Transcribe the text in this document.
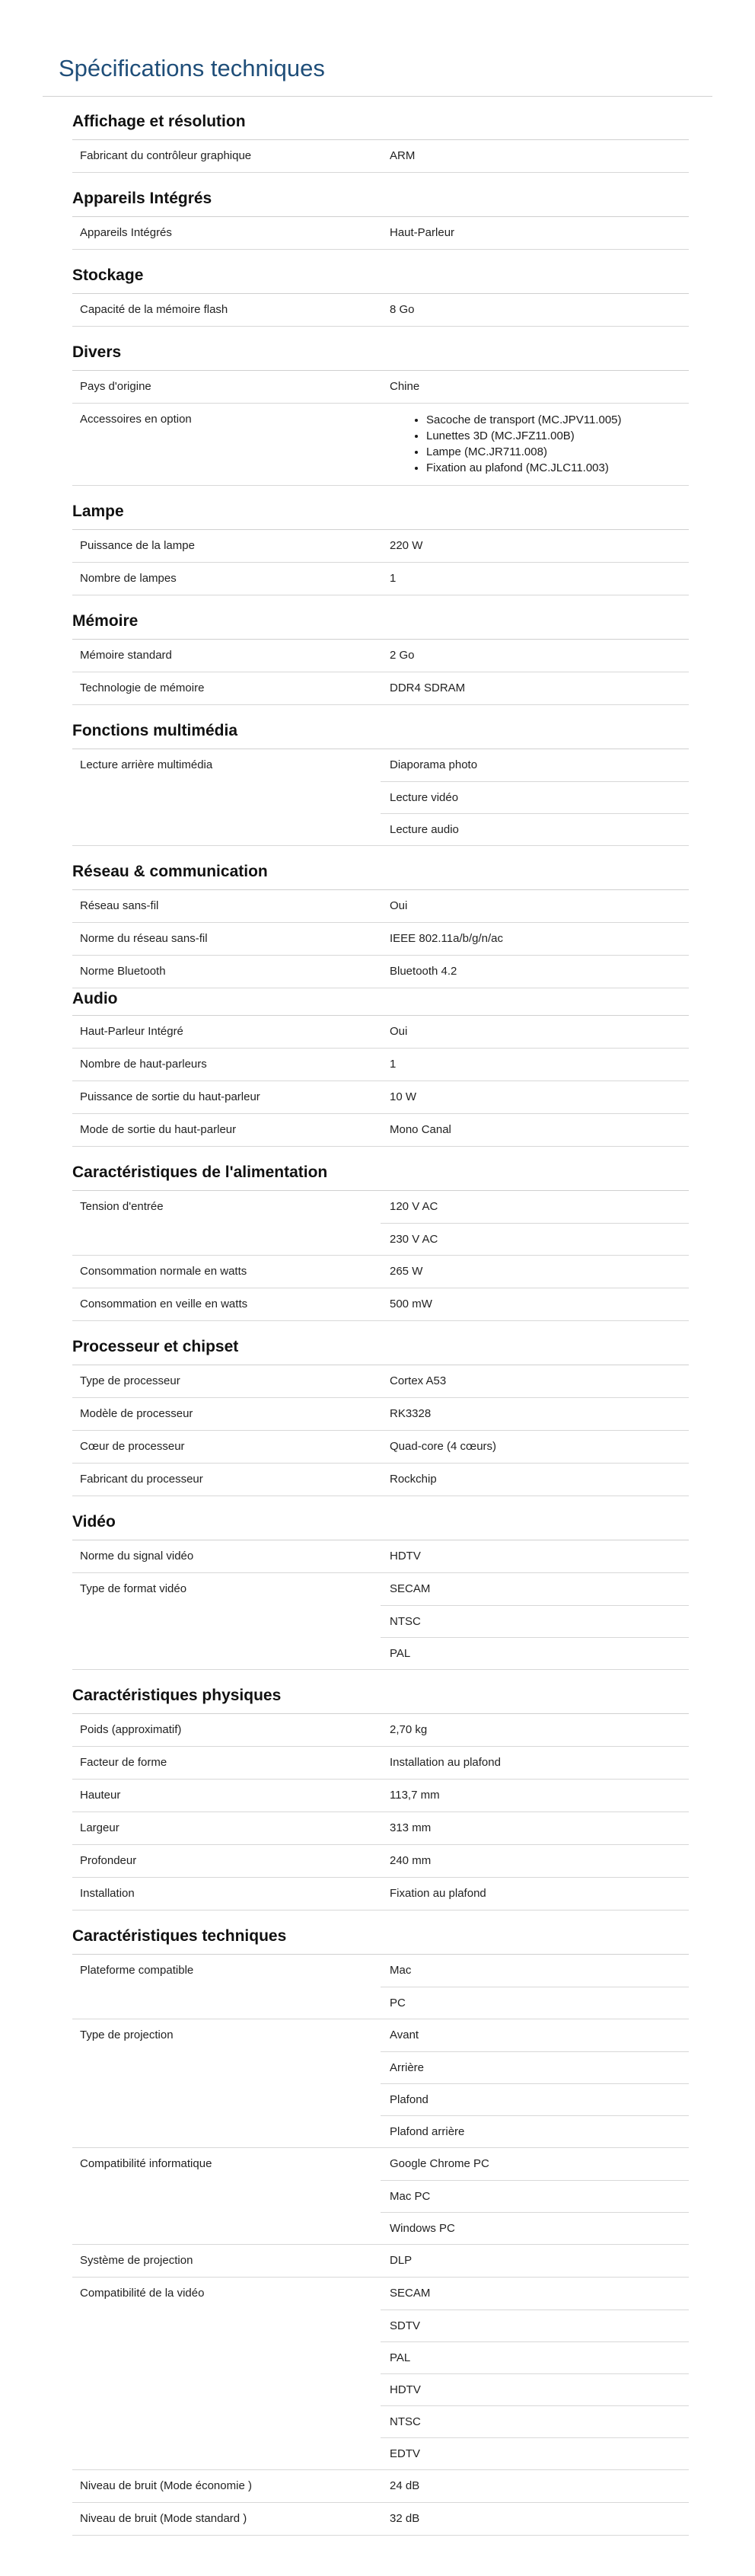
Spécifications techniques
Affichage et résolution
Fabricant du contrôleur graphique	ARM
Appareils Intégrés
Appareils Intégrés	Haut-Parleur
Stockage
Capacité de la mémoire flash	8 Go
Divers
Pays d'origine	Chine
Accessoires en option
•	Sacoche de transport (MC.JPV11.005)
• Lunettes 3D (MC.JFZ11.00B)
• Lampe (MC.JR711.008)
• Fixation au plafond (MC.JLC11.003)
Lampe
Puissance de la lampe	220 W
Nombre de lampes	1
Mémoire
Mémoire standard	2 Go
Technologie de mémoire	DDR4 SDRAM
Fonctions multimédia
Lecture arrière multimédia	Diaporama photo
Lecture vidéo
Lecture audio
Réseau & communication
Réseau sans-fil	Oui
Norme du réseau sans-fil	IEEE 802.11a/b/g/n/ac
Norme Bluetooth	Bluetooth 4.2
Audio
Haut-Parleur Intégré	Oui
Nombre de haut-parleurs	1
Puissance de sortie du haut-parleur	10 W
Mode de sortie du haut-parleur	Mono Canal
Caractéristiques de l'alimentation
Tension d'entrée	120 V AC
230 V AC
Consommation normale en watts	265 W
Consommation en veille en watts	500 mW
Processeur et chipset
Type de processeur	Cortex A53
Modèle de processeur	RK3328
Cœur de processeur	Quad-core (4 cœurs)
Fabricant du processeur	Rockchip
Vidéo
Norme du signal vidéo	HDTV
Type de format vidéo	SECAM
NTSC
PAL
Caractéristiques physiques
Poids (approximatif)	2,70 kg
Facteur de forme	Installation au plafond
Hauteur	113,7 mm
Largeur	313 mm
Profondeur	240 mm
Installation	Fixation au plafond
Caractéristiques techniques
Plateforme compatible	Mac
PC
Type de projection	Avant
Arrière
Plafond
Plafond arrière
Compatibilité informatique	Google Chrome PC
Mac PC
Windows PC
Système de projection	DLP
Compatibilité de la vidéo	SECAM
SDTV
PAL
HDTV
NTSC
EDTV
Niveau de bruit (Mode économie )	24 dB
Niveau de bruit (Mode standard )	32 dB
